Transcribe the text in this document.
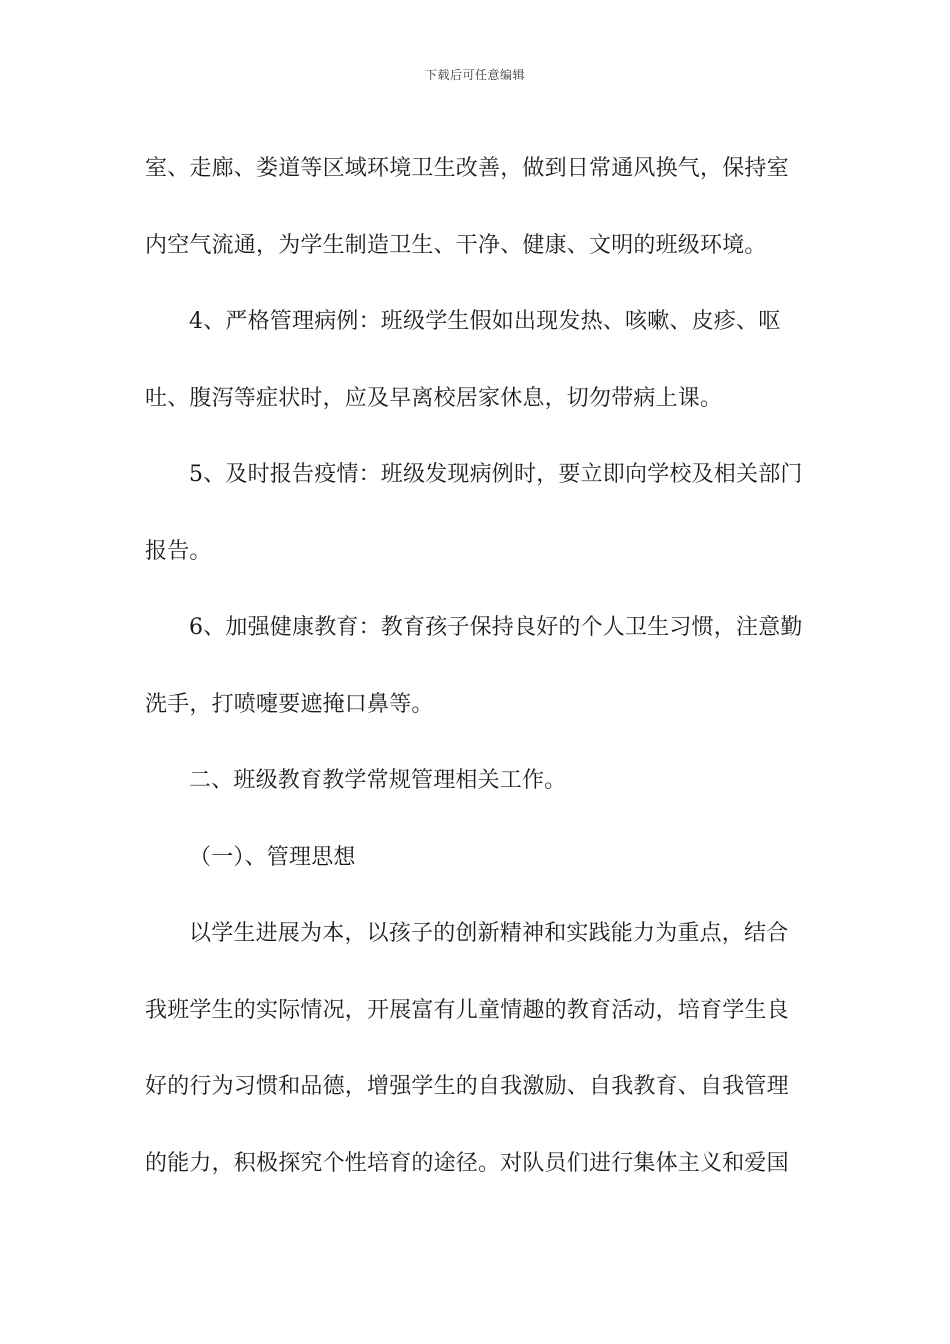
下载后可任意编辑
室、走廊、娄道等区域环境卫生改善，做到日常通风换气，保持室
内空气流通，为学生制造卫生、干净、健康、文明的班级环境。
4、严格管理病例：班级学生假如出现发热、咳嗽、皮疹、呕
吐、腹泻等症状时，应及早离校居家休息，切勿带病上课。
5、及时报告疫情：班级发现病例时，要立即向学校及相关部门
报告。
6、加强健康教育：教育孩子保持良好的个人卫生习惯，注意勤
洗手，打喷嚏要遮掩口鼻等。
二、班级教育教学常规管理相关工作。
（一）、管理思想
以学生进展为本，以孩子的创新精神和实践能力为重点，结合
我班学生的实际情况，开展富有儿童情趣的教育活动，培育学生良
好的行为习惯和品德，增强学生的自我激励、自我教育、自我管理
的能力，积极探究个性培育的途径。对队员们进行集体主义和爱国
